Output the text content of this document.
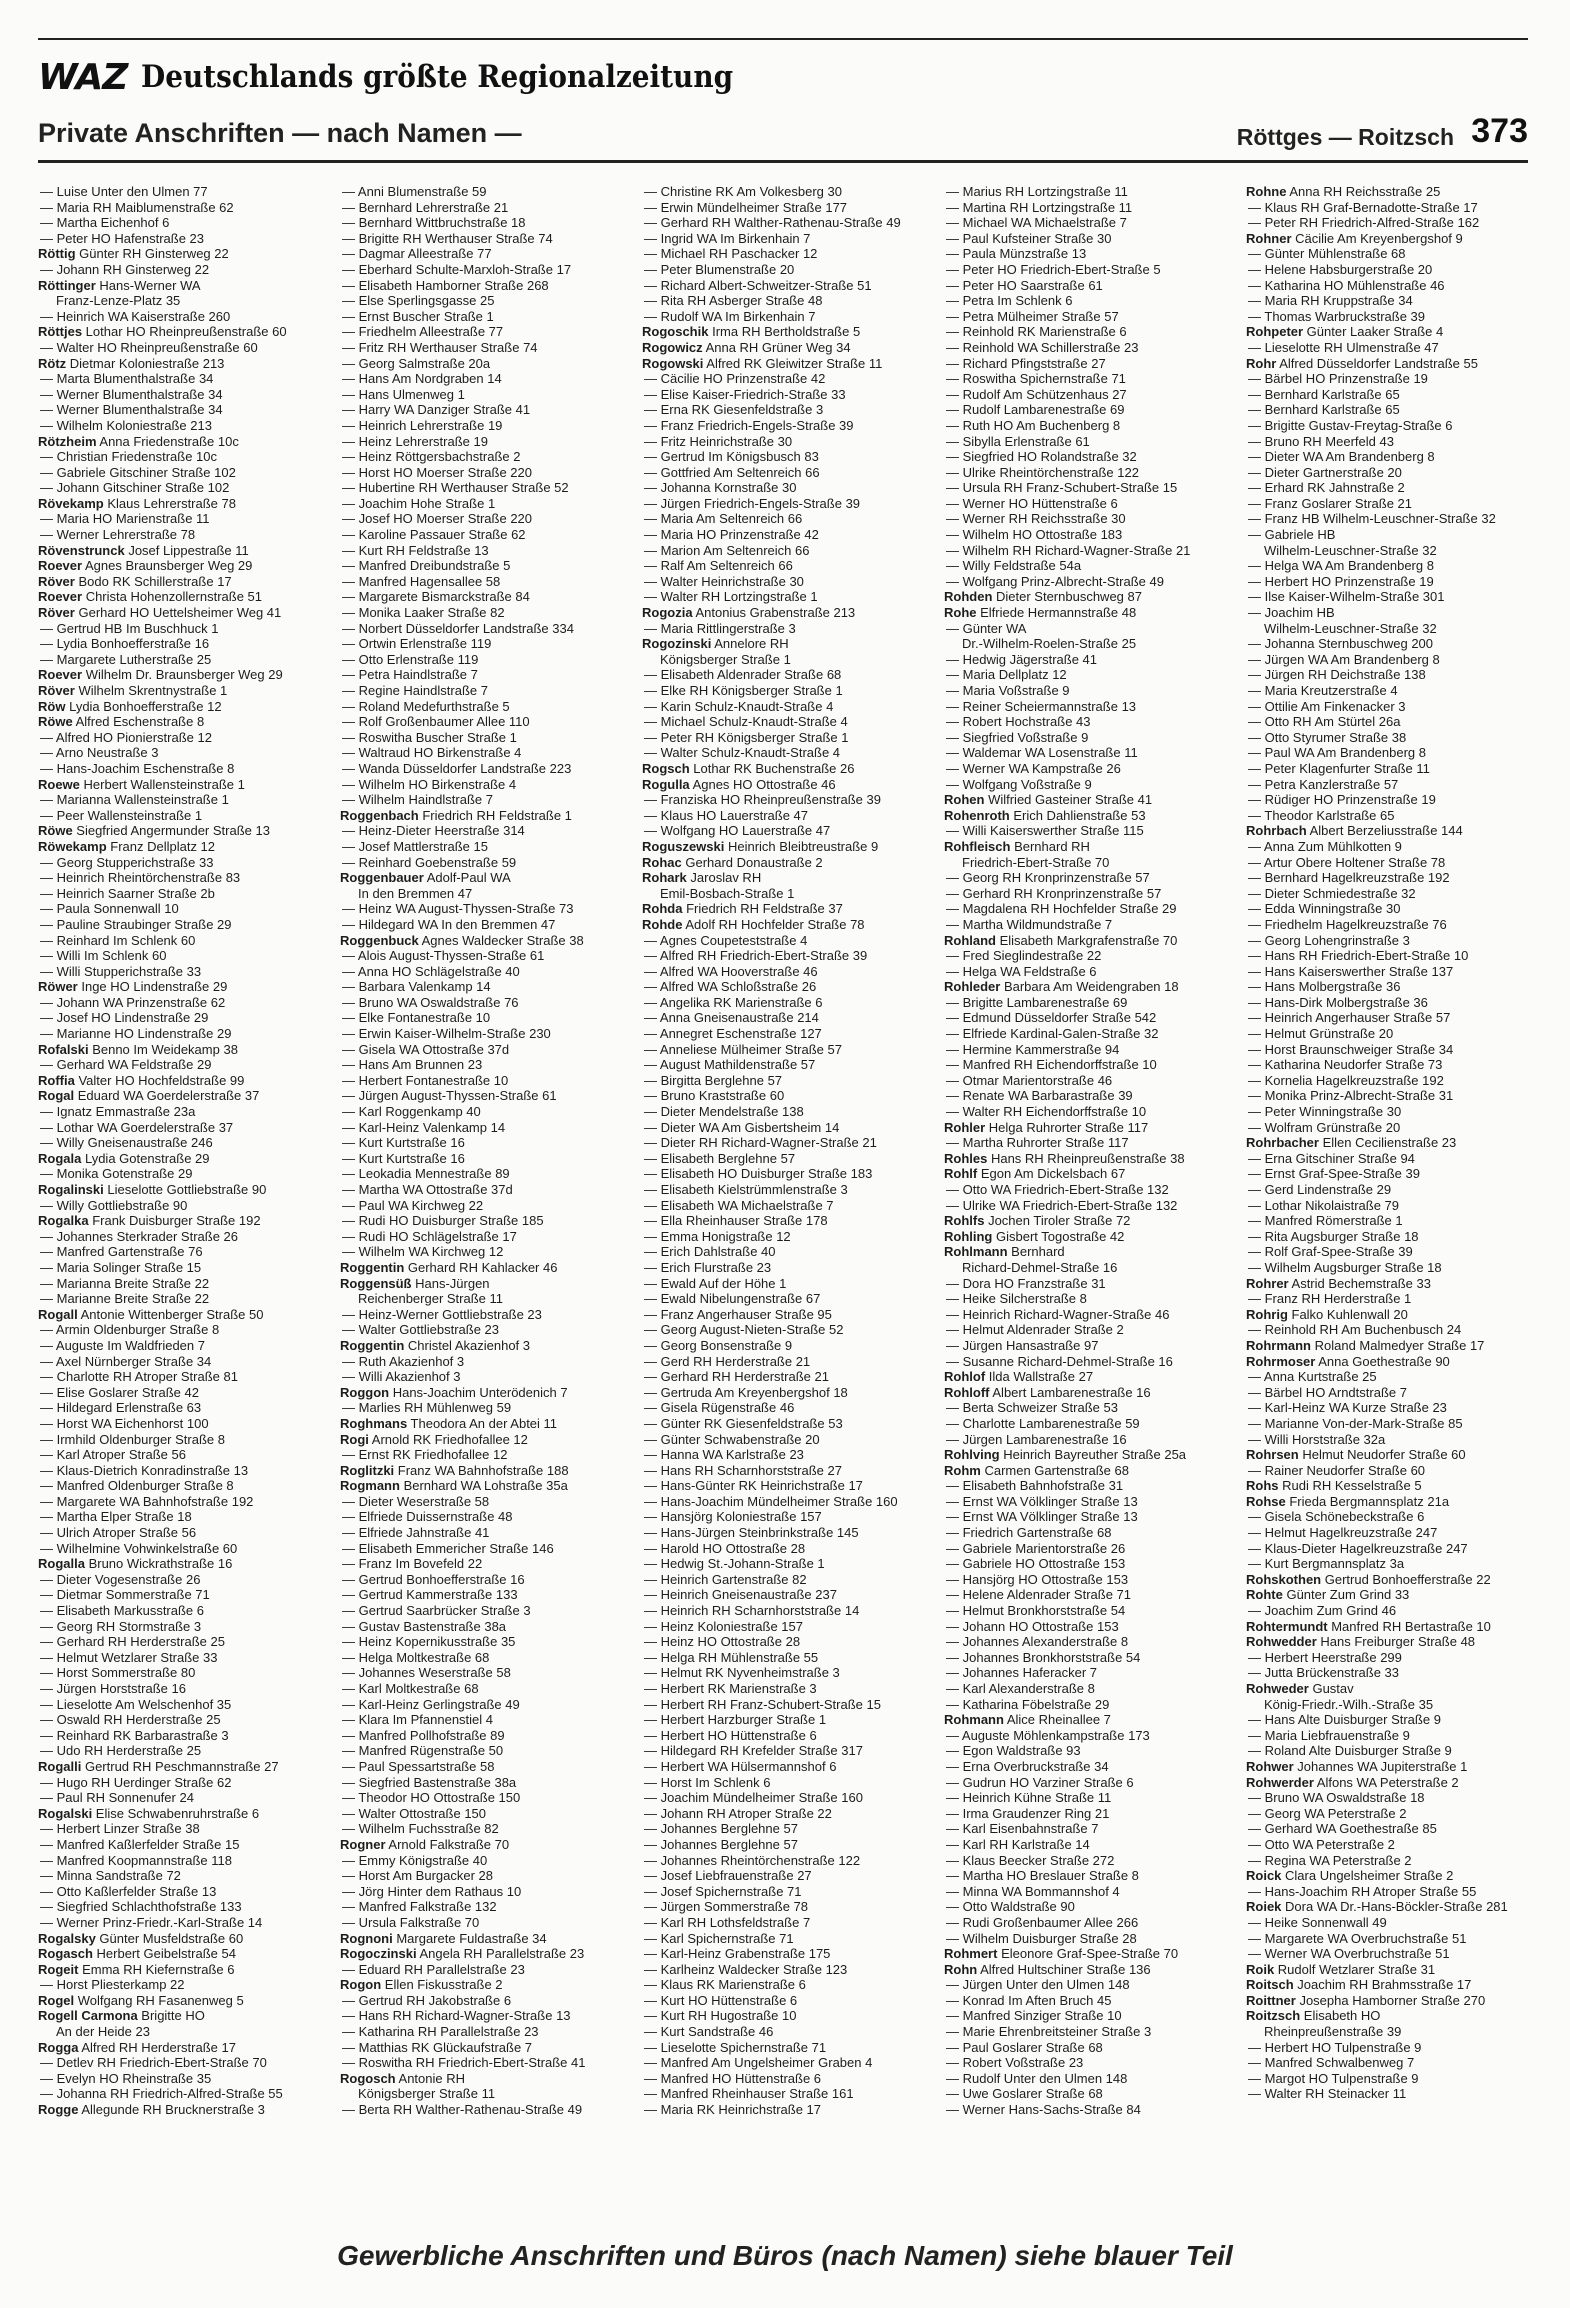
WAZ Deutschlands größte Regionalzeitung
Private Anschriften — nach Namen —	Röttges — Roitzsch 373
— Luise Unter den Ulmen 77
— Maria RH Maiblumenstraße 62
— Martha Eichenhof 6
— Peter HO Hafenstraße 23
Röttig Günter RH Ginsterweg 22
— Johann RH Ginsterweg 22
Röttinger Hans-Werner WA
Franz-Lenze-Platz 35
— Heinrich WA Kaiserstraße 260
Röttjes Lothar HO Rheinpreußenstraße 60
— Walter HO Rheinpreußenstraße 60
Rötz Dietmar Koloniestraße 213
— Marta Blumenthalstraße 34
— Werner Blumenthalstraße 34
— Werner Blumenthalstraße 34
— Wilhelm Koloniestraße 213
Rötzheim Anna Friedenstraße 10c
— Christian Friedenstraße 10c
— Gabriele Gitschiner Straße 102
— Johann Gitschiner Straße 102
Rövekamp Klaus Lehrerstraße 78
— Maria HO Marienstraße 11
— Werner Lehrerstraße 78
Rövenstrunck Josef Lippestraße 11
Roever Agnes Braunsberger Weg 29
Röver Bodo RK Schillerstraße 17
Roever Christa Hohenzollernstraße 51
Röver Gerhard HO Uettelsheimer Weg 41
— Gertrud HB Im Buschhuck 1
— Lydia Bonhoefferstraße 16
— Margarete Lutherstraße 25
Roever Wilhelm Dr. Braunsberger Weg 29
Röver Wilhelm Skrentnystraße 1
Röw Lydia Bonhoefferstraße 12
Röwe Alfred Eschenstraße 8
— Alfred HO Pionierstraße 12
— Arno Neustraße 3
— Hans-Joachim Eschenstraße 8
Roewe Herbert Wallensteinstraße 1
— Marianna Wallensteinstraße 1
— Peer Wallensteinstraße 1
Röwe Siegfried Angermunder Straße 13
Röwekamp Franz Dellplatz 12
— Georg Stupperichstraße 33
— Heinrich Rheintörchenstraße 83
— Heinrich Saarner Straße 2b
— Paula Sonnenwall 10
— Pauline Straubinger Straße 29
— Reinhard Im Schlenk 60
— Willi Im Schlenk 60
— Willi Stupperichstraße 33
Röwer Inge HO Lindenstraße 29
— Johann WA Prinzenstraße 62
— Josef HO Lindenstraße 29
— Marianne HO Lindenstraße 29
Rofalski Benno Im Weidekamp 38
— Gerhard WA Feldstraße 29
Roffia Valter HO Hochfeldstraße 99
Rogal Eduard WA Goerdelerstraße 37
— Ignatz Emmastraße 23a
— Lothar WA Goerdelerstraße 37
— Willy Gneisenaustraße 246
Rogala Lydia Gotenstraße 29
— Monika Gotenstraße 29
Rogalinski Lieselotte Gottliebstraße 90
— Willy Gottliebstraße 90
Rogalka Frank Duisburger Straße 192
— Johannes Sterkrader Straße 26
— Manfred Gartenstraße 76
— Maria Solinger Straße 15
— Marianna Breite Straße 22
— Marianne Breite Straße 22
Rogall Antonie Wittenberger Straße 50
— Armin Oldenburger Straße 8
— Auguste Im Waldfrieden 7
— Axel Nürnberger Straße 34
— Charlotte RH Atroper Straße 81
— Elise Goslarer Straße 42
— Hildegard Erlenstraße 63
— Horst WA Eichenhorst 100
— Irmhild Oldenburger Straße 8
— Karl Atroper Straße 56
— Klaus-Dietrich Konradinstraße 13
— Manfred Oldenburger Straße 8
— Margarete WA Bahnhofstraße 192
— Martha Elper Straße 18
— Ulrich Atroper Straße 56
— Wilhelmine Vohwinkelstraße 60
Rogalla Bruno Wickrathstraße 16
— Dieter Vogesenstraße 26
— Dietmar Sommerstraße 71
— Elisabeth Markusstraße 6
— Georg RH Stormstraße 3
— Gerhard RH Herderstraße 25
— Helmut Wetzlarer Straße 33
— Horst Sommerstraße 80
— Jürgen Horststraße 16
— Lieselotte Am Welschenhof 35
— Oswald RH Herderstraße 25
— Reinhard RK Barbarastraße 3
— Udo RH Herderstraße 25
Rogalli Gertrud RH Peschmannstraße 27
— Hugo RH Uerdinger Straße 62
— Paul RH Sonnenufer 24
Rogalski Elise Schwabenruhrstraße 6
— Herbert Linzer Straße 38
— Manfred Kaßlerfelder Straße 15
— Manfred Koopmannstraße 118
— Minna Sandstraße 72
— Otto Kaßlerfelder Straße 13
— Siegfried Schlachthofstraße 133
— Werner Prinz-Friedr.-Karl-Straße 14
Rogalsky Günter Musfeldstraße 60
Rogasch Herbert Geibelstraße 54
Rogeit Emma RH Kiefernstraße 6
— Horst Pliesterkamp 22
Rogel Wolfgang RH Fasanenweg 5
Rogell Carmona Brigitte HO
An der Heide 23
Rogga Alfred RH Herderstraße 17
— Detlev RH Friedrich-Ebert-Straße 70
— Evelyn HO Rheinstraße 35
— Johanna RH Friedrich-Alfred-Straße 55
Rogge Allegunde RH Brucknerstraße 3
— Anni Blumenstraße 59
— Bernhard Lehrerstraße 21
— Bernhard Wittbruchstraße 18
— Brigitte RH Werthauser Straße 74
— Dagmar Alleestraße 77
— Eberhard Schulte-Marxloh-Straße 17
— Elisabeth Hamborner Straße 268
— Else Sperlingsgasse 25
— Ernst Buscher Straße 1
— Friedhelm Alleestraße 77
— Fritz RH Werthauser Straße 74
— Georg Salmstraße 20a
— Hans Am Nordgraben 14
— Hans Ulmenweg 1
— Harry WA Danziger Straße 41
— Heinrich Lehrerstraße 19
— Heinz Lehrerstraße 19
— Heinz Röttgersbachstraße 2
— Horst HO Moerser Straße 220
— Hubertine RH Werthauser Straße 52
— Joachim Hohe Straße 1
— Josef HO Moerser Straße 220
— Karoline Passauer Straße 62
— Kurt RH Feldstraße 13
— Manfred Dreibundstraße 5
— Manfred Hagensallee 58
— Margarete Bismarckstraße 84
— Monika Laaker Straße 82
— Norbert Düsseldorfer Landstraße 334
— Ortwin Erlenstraße 119
— Otto Erlenstraße 119
— Petra Haindlstraße 7
— Regine Haindlstraße 7
— Roland Medefurthstraße 5
— Rolf Großenbaumer Allee 110
— Roswitha Buscher Straße 1
— Waltraud HO Birkenstraße 4
— Wanda Düsseldorfer Landstraße 223
— Wilhelm HO Birkenstraße 4
— Wilhelm Haindlstraße 7
Roggenbach Friedrich RH Feldstraße 1
— Heinz-Dieter Heerstraße 314
— Josef Mattlerstraße 15
— Reinhard Goebenstraße 59
Roggenbauer Adolf-Paul WA
In den Bremmen 47
— Heinz WA August-Thyssen-Straße 73
— Hildegard WA In den Bremmen 47
Roggenbuck Agnes Waldecker Straße 38
— Alois August-Thyssen-Straße 61
— Anna HO Schlägelstraße 40
— Barbara Valenkamp 14
— Bruno WA Oswaldstraße 76
— Elke Fontanestraße 10
— Erwin Kaiser-Wilhelm-Straße 230
— Gisela WA Ottostraße 37d
— Hans Am Brunnen 23
— Herbert Fontanestraße 10
— Jürgen August-Thyssen-Straße 61
— Karl Roggenkamp 40
— Karl-Heinz Valenkamp 14
— Kurt Kurtstraße 16
— Kurt Kurtstraße 16
— Leokadia Mennestraße 89
— Martha WA Ottostraße 37d
— Paul WA Kirchweg 22
— Rudi HO Duisburger Straße 185
— Rudi HO Schlägelstraße 17
— Wilhelm WA Kirchweg 12
Roggentin Gerhard RH Kahlacker 46
Roggensüß Hans-Jürgen
Reichenberger Straße 11
— Heinz-Werner Gottliebstraße 23
— Walter Gottliebstraße 23
Roggentin Christel Akazienhof 3
— Ruth Akazienhof 3
— Willi Akazienhof 3
Roggon Hans-Joachim Unterödenich 7
— Marlies RH Mühlenweg 59
Roghmans Theodora An der Abtei 11
Rogi Arnold RK Friedhofallee 12
— Ernst RK Friedhofallee 12
Roglitzki Franz WA Bahnhofstraße 188
Rogmann Bernhard WA Lohstraße 35a
— Dieter Weserstraße 58
— Elfriede Duissernstraße 48
— Elfriede Jahnstraße 41
— Elisabeth Emmericher Straße 146
— Franz Im Bovefeld 22
— Gertrud Bonhoefferstraße 16
— Gertrud Kammerstraße 133
— Gertrud Saarbrücker Straße 3
— Gustav Bastenstraße 38a
— Heinz Kopernikusstraße 35
— Helga Moltkestraße 68
— Johannes Weserstraße 58
— Karl Moltkestraße 68
— Karl-Heinz Gerlingstraße 49
— Klara Im Pfannenstiel 4
— Manfred Pollhofstraße 89
— Manfred Rügenstraße 50
— Paul Spessartstraße 58
— Siegfried Bastenstraße 38a
— Theodor HO Ottostraße 150
— Walter Ottostraße 150
— Wilhelm Fuchsstraße 82
Rogner Arnold Falkstraße 70
— Emmy Königstraße 40
— Horst Am Burgacker 28
— Jörg Hinter dem Rathaus 10
— Manfred Falkstraße 132
— Ursula Falkstraße 70
Rognoni Margarete Fuldastraße 34
Rogoczinski Angela RH Parallelstraße 23
— Eduard RH Parallelstraße 23
Rogon Ellen Fiskusstraße 2
— Gertrud RH Jakobstraße 6
— Hans RH Richard-Wagner-Straße 13
— Katharina RH Parallelstraße 23
— Matthias RK Glückaufstraße 7
— Roswitha RH Friedrich-Ebert-Straße 41
Rogosch Antonie RH
Königsberger Straße 11
— Berta RH Walther-Rathenau-Straße 49
— Christine RK Am Volkesberg 30
— Erwin Mündelheimer Straße 177
— Gerhard RH Walther-Rathenau-Straße 49
— Ingrid WA Im Birkenhain 7
— Michael RH Paschacker 12
— Peter Blumenstraße 20
— Richard Albert-Schweitzer-Straße 51
— Rita RH Asberger Straße 48
— Rudolf WA Im Birkenhain 7
Rogoschik Irma RH Bertholdstraße 5
Rogowicz Anna RH Grüner Weg 34
Rogowski Alfred RK Gleiwitzer Straße 11
— Cäcilie HO Prinzenstraße 42
— Elise Kaiser-Friedrich-Straße 33
— Erna RK Giesenfeldstraße 3
— Franz Friedrich-Engels-Straße 39
— Fritz Heinrichstraße 30
— Gertrud Im Königsbusch 83
— Gottfried Am Seltenreich 66
— Johanna Kornstraße 30
— Jürgen Friedrich-Engels-Straße 39
— Maria Am Seltenreich 66
— Maria HO Prinzenstraße 42
— Marion Am Seltenreich 66
— Ralf Am Seltenreich 66
— Walter Heinrichstraße 30
— Walter RH Lortzingstraße 1
Rogozia Antonius Grabenstraße 213
— Maria Rittlingerstraße 3
Rogozinski Annelore RH
Königsberger Straße 1
— Elisabeth Aldenrader Straße 68
— Elke RH Königsberger Straße 1
— Karin Schulz-Knaudt-Straße 4
— Michael Schulz-Knaudt-Straße 4
— Peter RH Königsberger Straße 1
— Walter Schulz-Knaudt-Straße 4
Rogsch Lothar RK Buchenstraße 26
Rogulla Agnes HO Ottostraße 46
— Franziska HO Rheinpreußenstraße 39
— Klaus HO Lauerstraße 47
— Wolfgang HO Lauerstraße 47
Roguszewski Heinrich Bleibtreustraße 9
Rohac Gerhard Donaustraße 2
Rohark Jaroslav RH
Emil-Bosbach-Straße 1
Rohda Friedrich RH Feldstraße 37
Rohde Adolf RH Hochfelder Straße 78
— Agnes Coupeteststraße 4
— Alfred RH Friedrich-Ebert-Straße 39
— Alfred WA Hooverstraße 46
— Alfred WA Schloßstraße 26
— Angelika RK Marienstraße 6
— Anna Gneisenaustraße 214
— Annegret Eschenstraße 127
— Anneliese Mülheimer Straße 57
— August Mathildenstraße 57
— Birgitta Berglehne 57
— Bruno Kraststraße 60
— Dieter Mendelstraße 138
— Dieter WA Am Gisbertsheim 14
— Dieter RH Richard-Wagner-Straße 21
— Elisabeth Berglehne 57
— Elisabeth HO Duisburger Straße 183
— Elisabeth Kielstrümmlenstraße 3
— Elisabeth WA Michaelstraße 7
— Ella Rheinhauser Straße 178
— Emma Honigstraße 12
— Erich Dahlstraße 40
— Erich Flurstraße 23
— Ewald Auf der Höhe 1
— Ewald Nibelungenstraße 67
— Franz Angerhauser Straße 95
— Georg August-Nieten-Straße 52
— Georg Bonsenstraße 9
— Gerd RH Herderstraße 21
— Gerhard RH Herderstraße 21
— Gertruda Am Kreyenbergshof 18
— Gisela Rügenstraße 46
— Günter RK Giesenfeldstraße 53
— Günter Schwabenstraße 20
— Hanna WA Karlstraße 23
— Hans RH Scharnhorststraße 27
— Hans-Günter RK Heinrichstraße 17
— Hans-Joachim Mündelheimer Straße 160
— Hansjörg Koloniestraße 157
— Hans-Jürgen Steinbrinkstraße 145
— Harold HO Ottostraße 28
— Hedwig St.-Johann-Straße 1
— Heinrich Gartenstraße 82
— Heinrich Gneisenaustraße 237
— Heinrich RH Scharnhorststraße 14
— Heinz Koloniestraße 157
— Heinz HO Ottostraße 28
— Helga RH Mühlenstraße 55
— Helmut RK Nyvenheimstraße 3
— Herbert RK Marienstraße 3
— Herbert RH Franz-Schubert-Straße 15
— Herbert Harzburger Straße 1
— Herbert HO Hüttenstraße 6
— Hildegard RH Krefelder Straße 317
— Herbert WA Hülsermannshof 6
— Horst Im Schlenk 6
— Joachim Mündelheimer Straße 160
— Johann RH Atroper Straße 22
— Johannes Berglehne 57
— Johannes Berglehne 57
— Johannes Rheintörchenstraße 122
— Josef Liebfrauenstraße 27
— Josef Spichernstraße 71
— Jürgen Sommerstraße 78
— Karl RH Lothsfeldstraße 7
— Karl Spichernstraße 71
— Karl-Heinz Grabenstraße 175
— Karlheinz Waldecker Straße 123
— Klaus RK Marienstraße 6
— Kurt HO Hüttenstraße 6
— Kurt RH Hugostraße 10
— Kurt Sandstraße 46
— Lieselotte Spichernstraße 71
— Manfred Am Ungelsheimer Graben 4
— Manfred HO Hüttenstraße 6
— Manfred Rheinhauser Straße 161
— Maria RK Heinrichstraße 17
— Marius RH Lortzingstraße 11
— Martina RH Lortzingstraße 11
— Michael WA Michaelstraße 7
— Paul Kufsteiner Straße 30
— Paula Münzstraße 13
— Peter HO Friedrich-Ebert-Straße 5
— Peter HO Saarstraße 61
— Petra Im Schlenk 6
— Petra Mülheimer Straße 57
— Reinhold RK Marienstraße 6
— Reinhold WA Schillerstraße 23
— Richard Pfingststraße 27
— Roswitha Spichernstraße 71
— Rudolf Am Schützenhaus 27
— Rudolf Lambarenestraße 69
— Ruth HO Am Buchenberg 8
— Sibylla Erlenstraße 61
— Siegfried HO Rolandstraße 32
— Ulrike Rheintörchenstraße 122
— Ursula RH Franz-Schubert-Straße 15
— Werner HO Hüttenstraße 6
— Werner RH Reichsstraße 30
— Wilhelm HO Ottostraße 183
— Wilhelm RH Richard-Wagner-Straße 21
— Willy Feldstraße 54a
— Wolfgang Prinz-Albrecht-Straße 49
Rohden Dieter Sternbuschweg 87
Rohe Elfriede Hermannstraße 48
— Günter WA
Dr.-Wilhelm-Roelen-Straße 25
— Hedwig Jägerstraße 41
— Maria Dellplatz 12
— Maria Voßstraße 9
— Reiner Scheiermannstraße 13
— Robert Hochstraße 43
— Siegfried Voßstraße 9
— Waldemar WA Losenstraße 11
— Werner WA Kampstraße 26
— Wolfgang Voßstraße 9
Rohen Wilfried Gasteiner Straße 41
Rohenroth Erich Dahlienstraße 53
— Willi Kaiserswerther Straße 115
Rohfleisch Bernhard RH
Friedrich-Ebert-Straße 70
— Georg RH Kronprinzenstraße 57
— Gerhard RH Kronprinzenstraße 57
— Magdalena RH Hochfelder Straße 29
— Martha Wildmundstraße 7
Rohland Elisabeth Markgrafenstraße 70
— Fred Sieglindestraße 22
— Helga WA Feldstraße 6
Rohleder Barbara Am Weidengraben 18
— Brigitte Lambarenestraße 69
— Edmund Düsseldorfer Straße 542
— Elfriede Kardinal-Galen-Straße 32
— Hermine Kammerstraße 94
— Manfred RH Eichendorffstraße 10
— Otmar Marientorstraße 46
— Renate WA Barbarastraße 39
— Walter RH Eichendorffstraße 10
Rohler Helga Ruhrorter Straße 117
— Martha Ruhrorter Straße 117
Rohles Hans RH Rheinpreußenstraße 38
Rohlf Egon Am Dickelsbach 67
— Otto WA Friedrich-Ebert-Straße 132
— Ulrike WA Friedrich-Ebert-Straße 132
Rohlfs Jochen Tiroler Straße 72
Rohling Gisbert Togostraße 42
Rohlmann Bernhard
Richard-Dehmel-Straße 16
— Dora HO Franzstraße 31
— Heike Silcherstraße 8
— Heinrich Richard-Wagner-Straße 46
— Helmut Aldenrader Straße 2
— Jürgen Hansastraße 97
— Susanne Richard-Dehmel-Straße 16
Rohlof Ilda Wallstraße 27
Rohloff Albert Lambarenestraße 16
— Berta Schweizer Straße 53
— Charlotte Lambarenestraße 59
— Jürgen Lambarenestraße 16
Rohlving Heinrich Bayreuther Straße 25a
Rohm Carmen Gartenstraße 68
— Elisabeth Bahnhofstraße 31
— Ernst WA Völklinger Straße 13
— Ernst WA Völklinger Straße 13
— Friedrich Gartenstraße 68
— Gabriele Marientorstraße 26
— Gabriele HO Ottostraße 153
— Hansjörg HO Ottostraße 153
— Helene Aldenrader Straße 71
— Helmut Bronkhorststraße 54
— Johann HO Ottostraße 153
— Johannes Alexanderstraße 8
— Johannes Bronkhorststraße 54
— Johannes Haferacker 7
— Karl Alexanderstraße 8
— Katharina Föbelstraße 29
Rohmann Alice Rheinallee 7
— Auguste Möhlenkampstraße 173
— Egon Waldstraße 93
— Erna Overbruckstraße 34
— Gudrun HO Varziner Straße 6
— Heinrich Kühne Straße 11
— Irma Graudenzer Ring 21
— Karl Eisenbahnstraße 7
— Karl RH Karlstraße 14
— Klaus Beecker Straße 272
— Martha HO Breslauer Straße 8
— Minna WA Bommannshof 4
— Otto Waldstraße 90
— Rudi Großenbaumer Allee 266
— Wilhelm Duisburger Straße 28
Rohmert Eleonore Graf-Spee-Straße 70
Rohn Alfred Hultschiner Straße 136
— Jürgen Unter den Ulmen 148
— Konrad Im Aften Bruch 45
— Manfred Sinziger Straße 10
— Marie Ehrenbreitsteiner Straße 3
— Paul Goslarer Straße 68
— Robert Voßstraße 23
— Rudolf Unter den Ulmen 148
— Uwe Goslarer Straße 68
— Werner Hans-Sachs-Straße 84
Rohne Anna RH Reichsstraße 25
— Klaus RH Graf-Bernadotte-Straße 17
— Peter RH Friedrich-Alfred-Straße 162
Rohner Cäcilie Am Kreyenbergshof 9
— Günter Mühlenstraße 68
— Helene Habsburgerstraße 20
— Katharina HO Mühlenstraße 46
— Maria RH Kruppstraße 34
— Thomas Warbruckstraße 39
Rohpeter Günter Laaker Straße 4
— Lieselotte RH Ulmenstraße 47
Rohr Alfred Düsseldorfer Landstraße 55
— Bärbel HO Prinzenstraße 19
— Bernhard Karlstraße 65
— Bernhard Karlstraße 65
— Brigitte Gustav-Freytag-Straße 6
— Bruno RH Meerfeld 43
— Dieter WA Am Brandenberg 8
— Dieter Gartnerstraße 20
— Erhard RK Jahnstraße 2
— Franz Goslarer Straße 21
— Franz HB Wilhelm-Leuschner-Straße 32
— Gabriele HB
Wilhelm-Leuschner-Straße 32
— Helga WA Am Brandenberg 8
— Herbert HO Prinzenstraße 19
— Ilse Kaiser-Wilhelm-Straße 301
— Joachim HB
Wilhelm-Leuschner-Straße 32
— Johanna Sternbuschweg 200
— Jürgen WA Am Brandenberg 8
— Jürgen RH Deichstraße 138
— Maria Kreutzerstraße 4
— Ottilie Am Finkenacker 3
— Otto RH Am Stürtel 26a
— Otto Styrumer Straße 38
— Paul WA Am Brandenberg 8
— Peter Klagenfurter Straße 11
— Petra Kanzlerstraße 57
— Rüdiger HO Prinzenstraße 19
— Theodor Karlstraße 65
Rohrbach Albert Berzeliusstraße 144
— Anna Zum Mühlkotten 9
— Artur Obere Holtener Straße 78
— Bernhard Hagelkreuzstraße 192
— Dieter Schmiedestraße 32
— Edda Winningstraße 30
— Friedhelm Hagelkreuzstraße 76
— Georg Lohengrinstraße 3
— Hans RH Friedrich-Ebert-Straße 10
— Hans Kaiserswerther Straße 137
— Hans Molbergstraße 36
— Hans-Dirk Molbergstraße 36
— Heinrich Angerhauser Straße 57
— Helmut Grünstraße 20
— Horst Braunschweiger Straße 34
— Katharina Neudorfer Straße 73
— Kornelia Hagelkreuzstraße 192
— Monika Prinz-Albrecht-Straße 31
— Peter Winningstraße 30
— Wolfram Grünstraße 20
Rohrbacher Ellen Cecilienstraße 23
— Erna Gitschiner Straße 94
— Ernst Graf-Spee-Straße 39
— Gerd Lindenstraße 29
— Lothar Nikolaistraße 79
— Manfred Römerstraße 1
— Rita Augsburger Straße 18
— Rolf Graf-Spee-Straße 39
— Wilhelm Augsburger Straße 18
Rohrer Astrid Bechemstraße 33
— Franz RH Herderstraße 1
Rohrig Falko Kuhlenwall 20
— Reinhold RH Am Buchenbusch 24
Rohrmann Roland Malmedyer Straße 17
Rohrmoser Anna Goethestraße 90
— Anna Kurtstraße 25
— Bärbel HO Arndtstraße 7
— Karl-Heinz WA Kurze Straße 23
— Marianne Von-der-Mark-Straße 85
— Willi Horststraße 32a
Rohrsen Helmut Neudorfer Straße 60
— Rainer Neudorfer Straße 60
Rohs Rudi RH Kesselstraße 5
Rohse Frieda Bergmannsplatz 21a
— Gisela Schönebeckstraße 6
— Helmut Hagelkreuzstraße 247
— Klaus-Dieter Hagelkreuzstraße 247
— Kurt Bergmannsplatz 3a
Rohskothen Gertrud Bonhoefferstraße 22
Rohte Günter Zum Grind 33
— Joachim Zum Grind 46
Rohtermundt Manfred RH Bertastraße 10
Rohwedder Hans Freiburger Straße 48
— Herbert Heerstraße 299
— Jutta Brückenstraße 33
Rohweder Gustav
König-Friedr.-Wilh.-Straße 35
— Hans Alte Duisburger Straße 9
— Maria Liebfrauenstraße 9
— Roland Alte Duisburger Straße 9
Rohwer Johannes WA Jupiterstraße 1
Rohwerder Alfons WA Peterstraße 2
— Bruno WA Oswaldstraße 18
— Georg WA Peterstraße 2
— Gerhard WA Goethestraße 85
— Otto WA Peterstraße 2
— Regina WA Peterstraße 2
Roick Clara Ungelsheimer Straße 2
— Hans-Joachim RH Atroper Straße 55
Roiek Dora WA Dr.-Hans-Böckler-Straße 281
— Heike Sonnenwall 49
— Margarete WA Overbruchstraße 51
— Werner WA Overbruchstraße 51
Roik Rudolf Wetzlarer Straße 31
Roitsch Joachim RH Brahmsstraße 17
Roittner Josepha Hamborner Straße 270
Roitzsch Elisabeth HO
Rheinpreußenstraße 39
— Herbert HO Tulpenstraße 9
— Manfred Schwalbenweg 7
— Margot HO Tulpenstraße 9
— Walter RH Steinacker 11
Gewerbliche Anschriften und Büros (nach Namen) siehe blauer Teil
